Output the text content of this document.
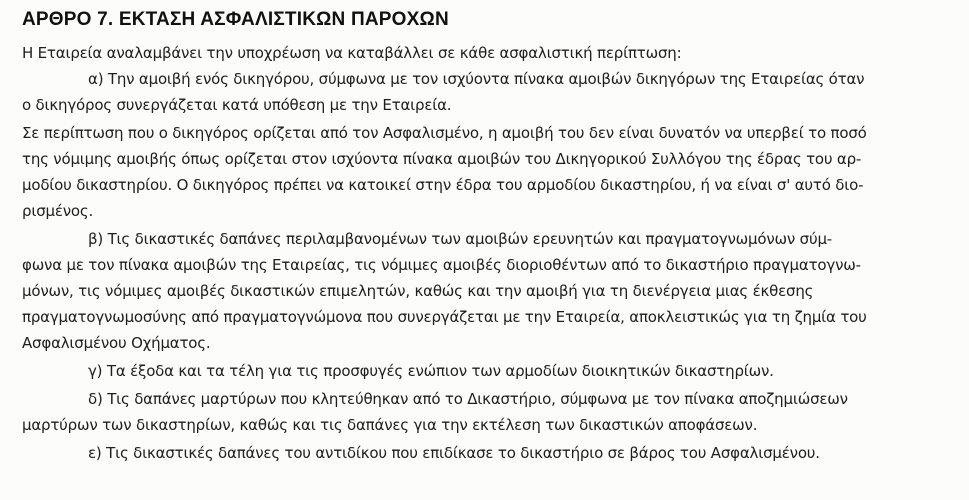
ΑΡΘΡΟ 7. ΕΚΤΑΣΗ ΑΣΦΑΛΙΣΤΙΚΩΝ ΠΑΡΟΧΩΝ
Η Εταιρεία αναλαμβάνει την υποχρέωση να καταβάλλει σε κάθε ασφαλιστική περίπτωση:
α) Την αμοιβή ενός δικηγόρου, σύμφωνα με τον ισχύοντα πίνακα αμοιβών δικηγόρων της Εταιρείας όταν
ο δικηγόρος συνεργάζεται κατά υπόθεση με την Εταιρεία.
Σε περίπτωση που ο δικηγόρος ορίζεται από τον Ασφαλισμένο, η αμοιβή του δεν είναι δυνατόν να υπερβεί το ποσό
της νόμιμης αμοιβής όπως ορίζεται στον ισχύοντα πίνακα αμοιβών του Δικηγορικού Συλλόγου της έδρας του αρ-
μοδίου δικαστηρίου. Ο δικηγόρος πρέπει να κατοικεί στην έδρα του αρμοδίου δικαστηρίου, ή να είναι σ' αυτό διο-
ρισμένος.
β) Τις δικαστικές δαπάνες περιλαμβανομένων των αμοιβών ερευνητών και πραγματογνωμόνων σύμ-
φωνα με τον πίνακα αμοιβών της Εταιρείας, τις νόμιμες αμοιβές διοριοθέντων από το δικαστήριο πραγματογνω-
μόνων, τις νόμιμες αμοιβές δικαστικών επιμελητών, καθώς και την αμοιβή για τη διενέργεια μιας έκθεσης
πραγματογνωμοσύνης από πραγματογνώμονα που συνεργάζεται με την Εταιρεία, αποκλειστικώς για τη ζημία του
Ασφαλισμένου Οχήματος.
γ) Τα έξοδα και τα τέλη για τις προσφυγές ενώπιον των αρμοδίων διοικητικών δικαστηρίων.
δ) Τις δαπάνες μαρτύρων που κλητεύθηκαν από το Δικαστήριο, σύμφωνα με τον πίνακα αποζημιώσεων
μαρτύρων των δικαστηρίων, καθώς και τις δαπάνες για την εκτέλεση των δικαστικών αποφάσεων.
ε) Τις δικαστικές δαπάνες του αντιδίκου που επιδίκασε το δικαστήριο σε βάρος του Ασφαλισμένου.
